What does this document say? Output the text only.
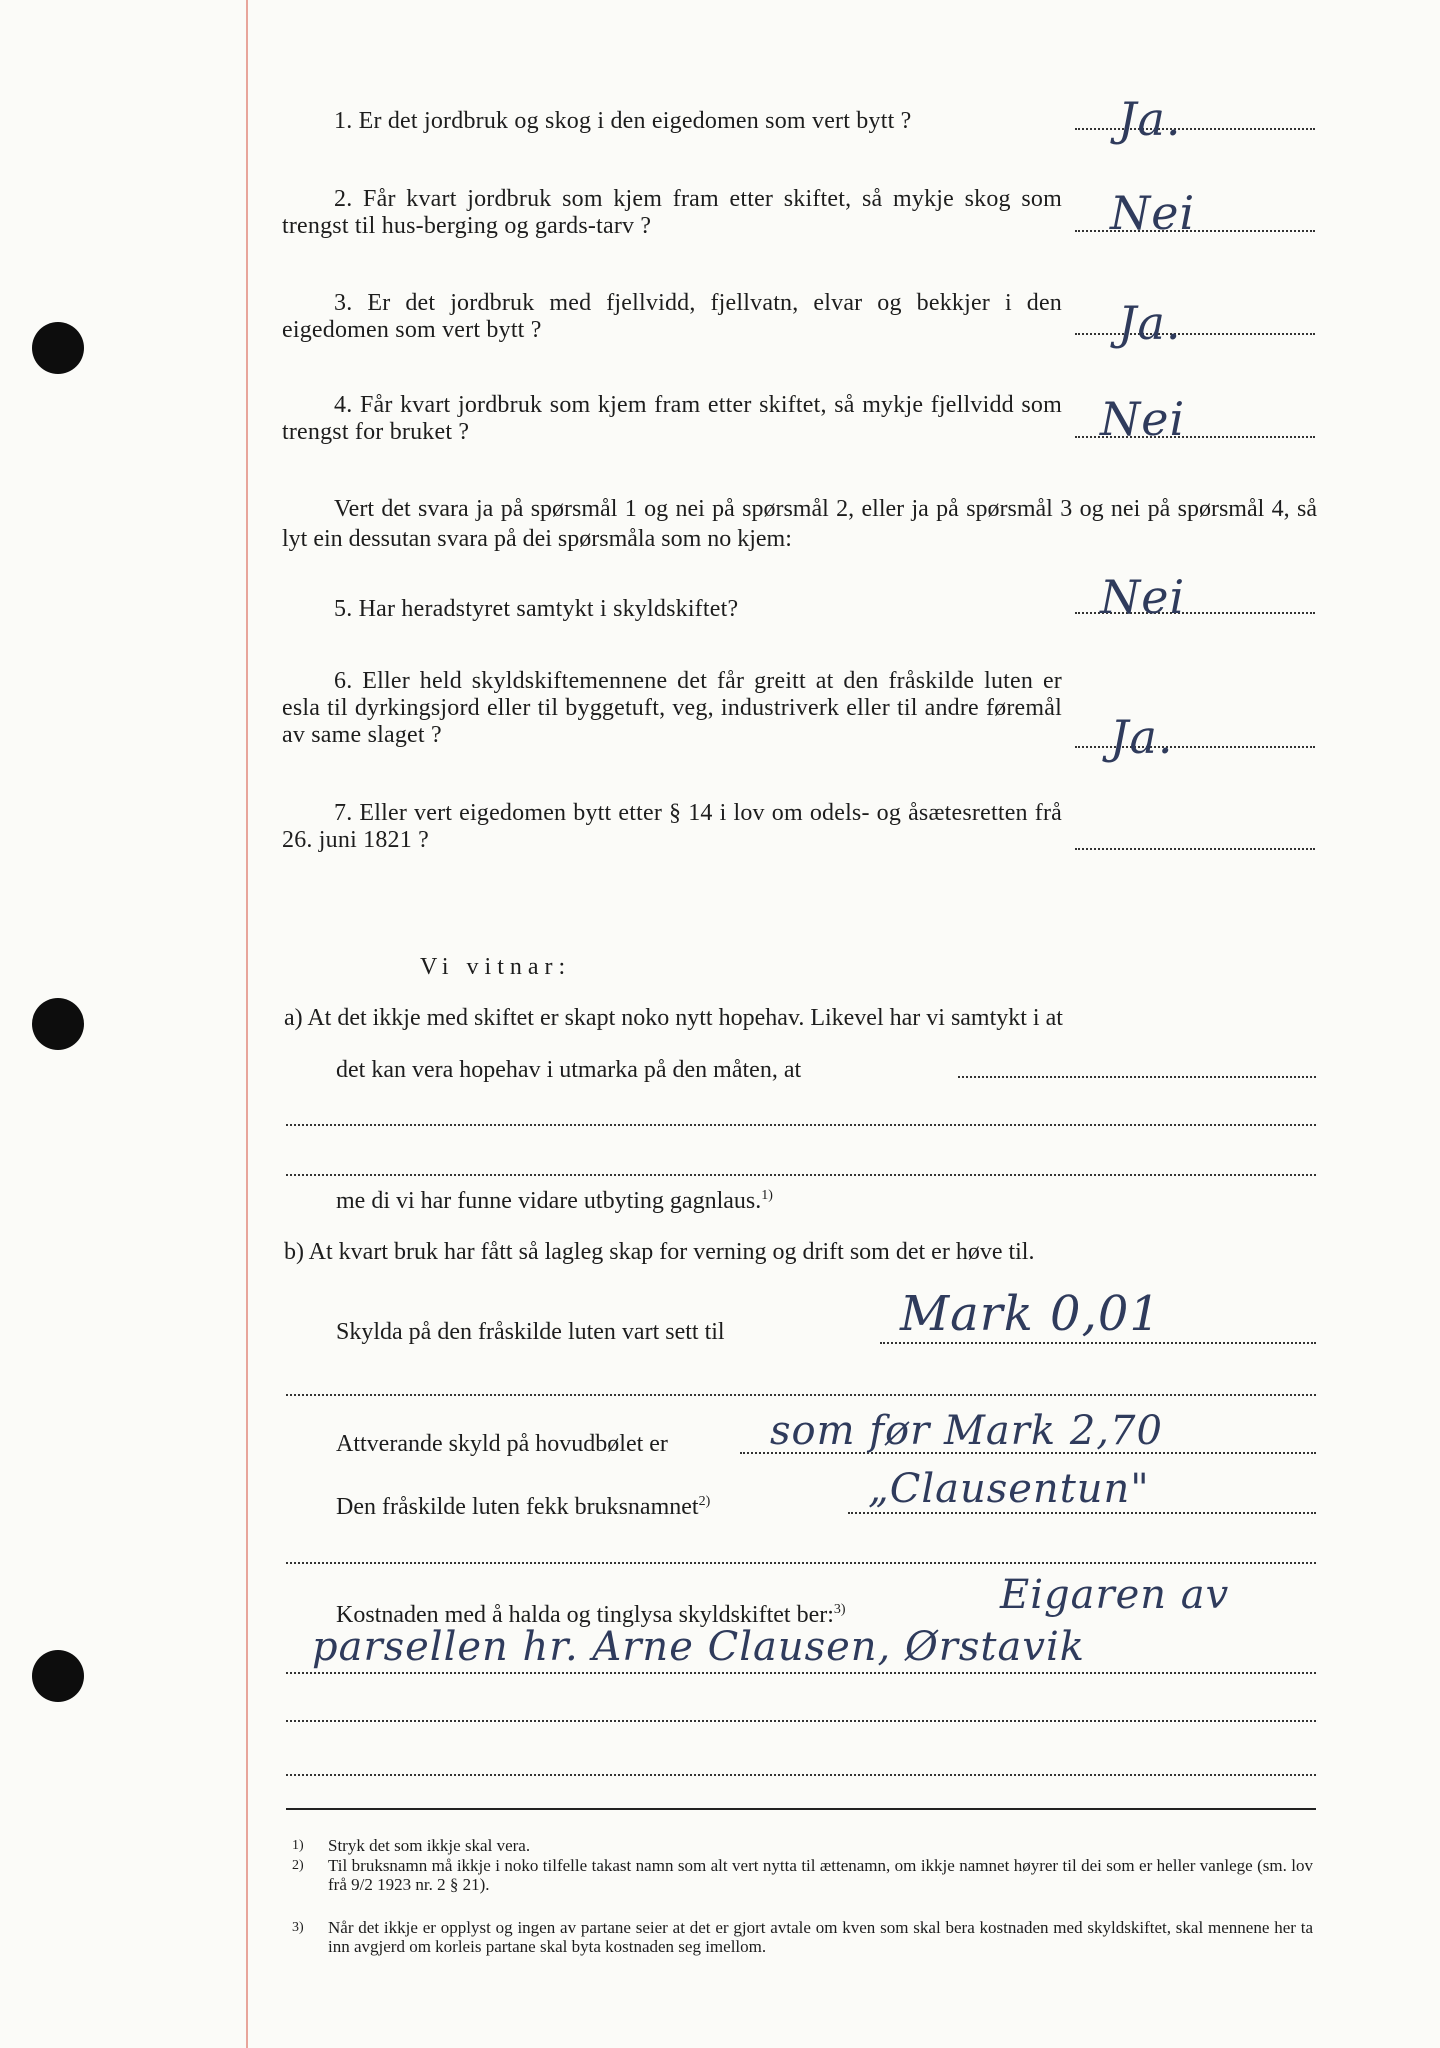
1. Er det jordbruk og skog i den eigedomen som vert bytt ?	Ja.
2. Får kvart jordbruk som kjem fram etter skiftet, så mykje skog som trengst til hus-berging og gards-tarv ?	Nei
3. Er det jordbruk med fjellvidd, fjellvatn, elvar og bekkjer i den eigedomen som vert bytt ?	Ja.
4. Får kvart jordbruk som kjem fram etter skiftet, så mykje fjellvidd som trengst for bruket ?	Nei
Vert det svara ja på spørsmål 1 og nei på spørsmål 2, eller ja på spørsmål 3 og nei på spørsmål 4, så lyt ein dessutan svara på dei spørsmåla som no kjem:
5. Har heradstyret samtykt i skyldskiftet?	Nei
6. Eller held skyldskiftemennene det får greitt at den fråskilde luten er esla til dyrkingsjord eller til byggetuft, veg, industriverk eller til andre føremål av same slaget ?	Ja.
7. Eller vert eigedomen bytt etter § 14 i lov om odels- og åsætesretten frå 26. juni 1821 ?
Vi vitnar:
a) At det ikkje med skiftet er skapt noko nytt hopehav. Likevel har vi samtykt i at
det kan vera hopehav i utmarka på den måten, at
me di vi har funne vidare utbyting gagnlaus.$^{1)}$
b) At kvart bruk har fått så lagleg skap for verning og drift som det er høve til.
Skylda på den fråskilde luten vart sett til	Mark 0,01
Attverande skyld på hovudbølet er	som før Mark 2,70
Den fråskilde luten fekk bruksnamnet$^{2)}$	„Clausentun"
Kostnaden med å halda og tinglysa skyldskiftet ber:$^{3)}$	Eigaren av
parsellen hr. Arne Clausen, Ørstavik
1) Stryk det som ikkje skal vera.
2) Til bruksnamn må ikkje i noko tilfelle takast namn som alt vert nytta til ættenamn, om ikkje namnet høyrer til dei som er heller vanlege (sm. lov frå 9/2 1923 nr. 2 § 21).
3) Når det ikkje er opplyst og ingen av partane seier at det er gjort avtale om kven som skal bera kostnaden med skyldskiftet, skal mennene her ta inn avgjerd om korleis partane skal byta kostnaden seg imellom.
